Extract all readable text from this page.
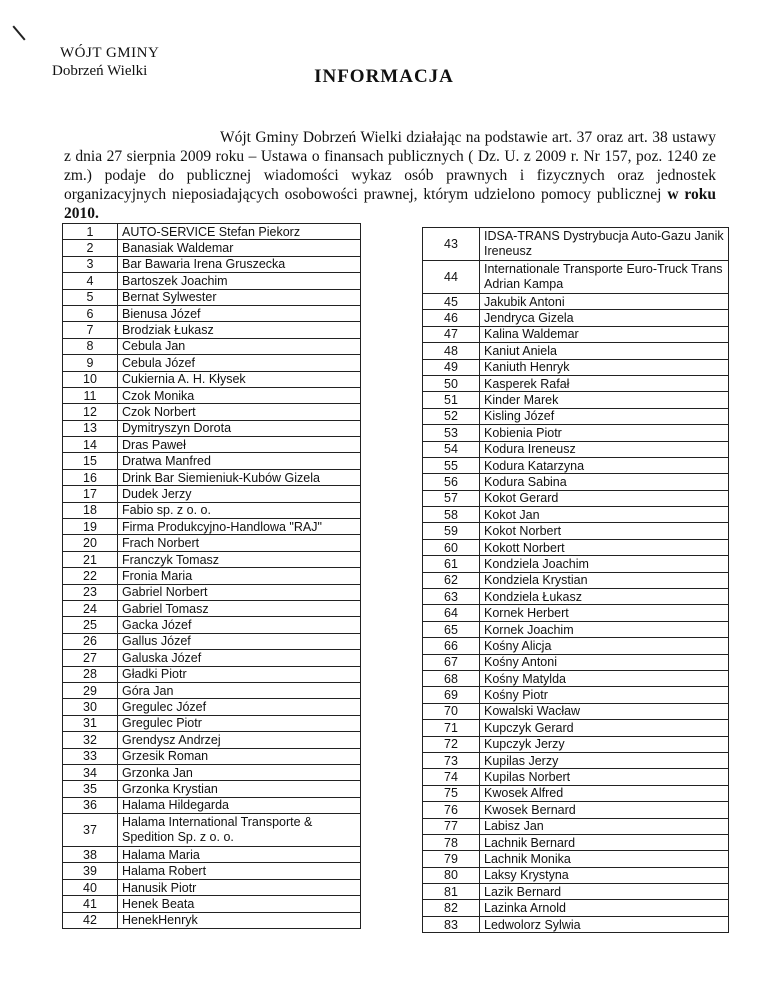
WÓJT GMINY
Dobrzeń Wielki	INFORMACJA
Wójt Gminy Dobrzeń Wielki działając na podstawie art. 37 oraz art. 38 ustawy z dnia 27 sierpnia 2009 roku – Ustawa o finansach publicznych ( Dz. U. z 2009 r. Nr 157, poz. 1240 ze zm.) podaje do publicznej wiadomości wykaz osób prawnych i fizycznych oraz jednostek organizacyjnych nieposiadających osobowości prawnej, którym udzielono pomocy publicznej w roku 2010.
1	AUTO-SERVICE Stefan Piekorz
2	Banasiak Waldemar
3	Bar Bawaria Irena Gruszecka
4	Bartoszek Joachim
5	Bernat Sylwester
6	Bienusa Józef
7	Brodziak Łukasz
8	Cebula Jan
9	Cebula Józef
10	Cukiernia A. H. Kłysek
11	Czok Monika
12	Czok Norbert
13	Dymitryszyn Dorota
14	Dras Paweł
15	Dratwa Manfred
16	Drink Bar Siemieniuk-Kubów Gizela
17	Dudek Jerzy
18	Fabio sp. z o. o.
19	Firma Produkcyjno-Handlowa "RAJ"
20	Frach Norbert
21	Franczyk Tomasz
22	Fronia Maria
23	Gabriel Norbert
24	Gabriel Tomasz
25	Gacka Józef
26	Gallus Józef
27	Galuska Józef
28	Gładki Piotr
29	Góra Jan
30	Gregulec Józef
31	Gregulec Piotr
32	Grendysz Andrzej
33	Grzesik Roman
34	Grzonka Jan
35	Grzonka Krystian
36	Halama Hildegarda
37	Halama International Transporte & Spedition Sp. z o. o.
38	Halama Maria
39	Halama Robert
40	Hanusik Piotr
41	Henek Beata
42	HenekHenryk
43	IDSA-TRANS Dystrybucja Auto-Gazu Janik Ireneusz
44	Internationale Transporte Euro-Truck Trans Adrian Kampa
45	Jakubik Antoni
46	Jendryca Gizela
47	Kalina Waldemar
48	Kaniut Aniela
49	Kaniuth Henryk
50	Kasperek Rafał
51	Kinder Marek
52	Kisling Józef
53	Kobienia Piotr
54	Kodura Ireneusz
55	Kodura Katarzyna
56	Kodura Sabina
57	Kokot Gerard
58	Kokot Jan
59	Kokot Norbert
60	Kokott Norbert
61	Kondziela Joachim
62	Kondziela Krystian
63	Kondziela Łukasz
64	Kornek Herbert
65	Kornek Joachim
66	Kośny Alicja
67	Kośny Antoni
68	Kośny Matylda
69	Kośny Piotr
70	Kowalski Wacław
71	Kupczyk Gerard
72	Kupczyk Jerzy
73	Kupilas Jerzy
74	Kupilas Norbert
75	Kwosek Alfred
76	Kwosek Bernard
77	Labisz Jan
78	Lachnik Bernard
79	Lachnik Monika
80	Laksy Krystyna
81	Lazik Bernard
82	Lazinka Arnold
83	Ledwolorz Sylwia
